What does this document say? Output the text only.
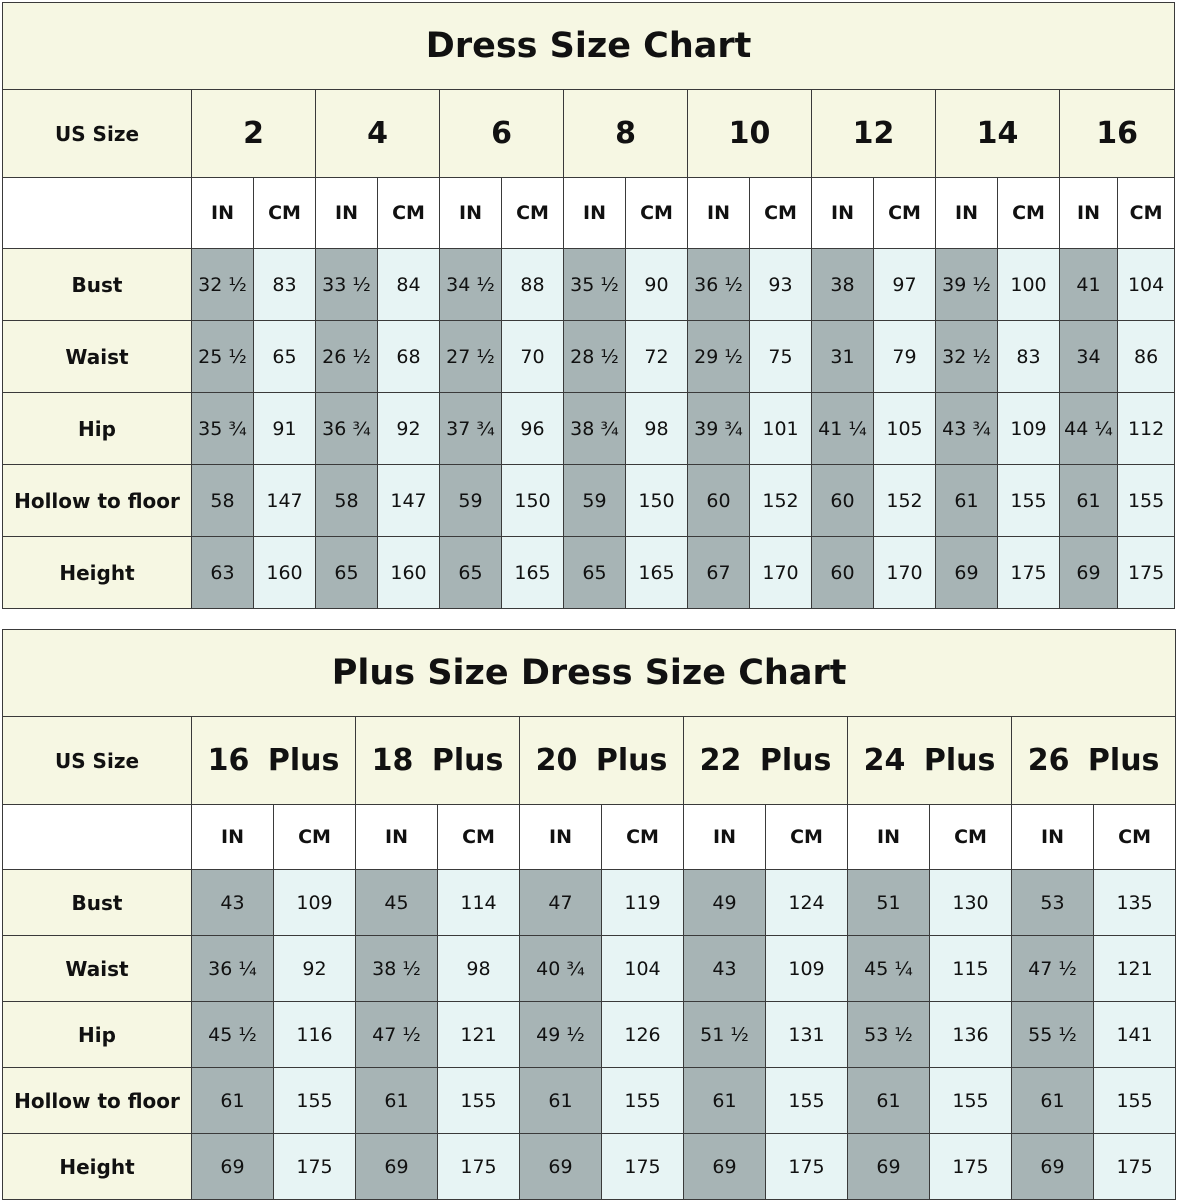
Dress Size Chart																
US Size	2		4		6		8		10		12		14		16	
	IN	CM	IN	CM	IN	CM	IN	CM	IN	CM	IN	CM	IN	CM	IN	CM
Bust	32 ½	83	33 ½	84	34 ½	88	35 ½	90	36 ½	93	38	97	39 ½	100	41	104
Waist	25 ½	65	26 ½	68	27 ½	70	28 ½	72	29 ½	75	31	79	32 ½	83	34	86
Hip	35 ¾	91	36 ¾	92	37 ¾	96	38 ¾	98	39 ¾	101	41 ¼	105	43 ¾	109	44 ¼	112
Hollow to floor	58	147	58	147	59	150	59	150	60	152	60	152	61	155	61	155
Height	63	160	65	160	65	165	65	165	67	170	60	170	69	175	69	175
Plus Size Dress Size Chart												
US Size	16 Plus		18 Plus		20 Plus		22 Plus		24 Plus		26 Plus	
	IN	CM	IN	CM	IN	CM	IN	CM	IN	CM	IN	CM
Bust	43	109	45	114	47	119	49	124	51	130	53	135
Waist	36 ¼	92	38 ½	98	40 ¾	104	43	109	45 ¼	115	47 ½	121
Hip	45 ½	116	47 ½	121	49 ½	126	51 ½	131	53 ½	136	55 ½	141
Hollow to floor	61	155	61	155	61	155	61	155	61	155	61	155
Height	69	175	69	175	69	175	69	175	69	175	69	175
